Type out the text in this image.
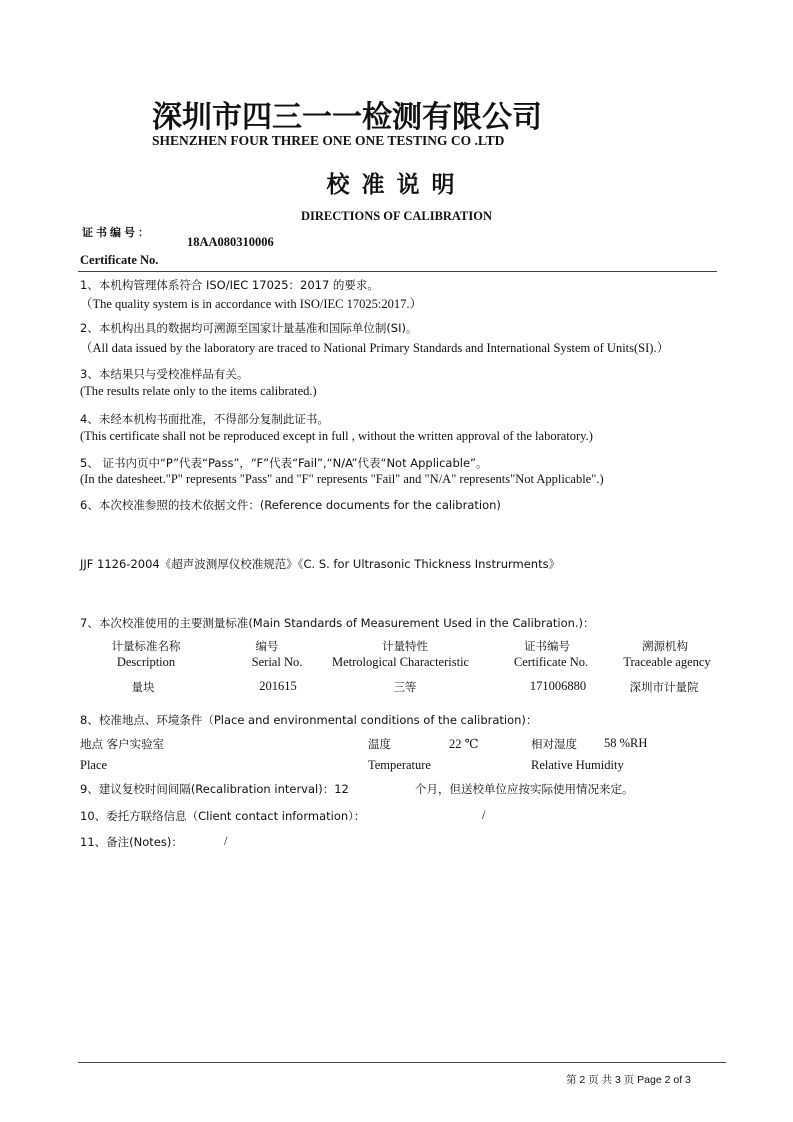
深圳市四三一一检测有限公司
SHENZHEN FOUR THREE ONE ONE TESTING CO .LTD
校准说明
DIRECTIONS OF CALIBRATION
证书编号：
18AA080310006
Certificate No.
1、本机构管理体系符合 ISO/IEC 17025：2017 的要求。
（The quality system is in accordance with ISO/IEC 17025:2017.）
2、本机构出具的数据均可溯源至国家计量基准和国际单位制(SI)。
（All data issued by the laboratory are traced to National Primary Standards and International System of Units(SI).）
3、本结果只与受校准样品有关。
(The results relate only to the items calibrated.)
4、未经本机构书面批准，不得部分复制此证书。
(This certificate shall not be reproduced except in full , without the written approval of the laboratory.)
5、 证书内页中“P”代表“Pass”，“F”代表“Fail”,“N/A”代表“Not Applicable”。
(In the datesheet."P" represents "Pass" and "F" represents "Fail" and "N/A" represents"Not Applicable".)
6、本次校准参照的技术依据文件：(Reference documents for the calibration)
JJF 1126-2004《超声波测厚仪校准规范》《C. S. for Ultrasonic Thickness Instrurments》
7、本次校准使用的主要测量标准(Main Standards of Measurement Used in the Calibration.)：
计量标准名称	编号	计量特性	证书编号	溯源机构
Description	Serial No.	Metrological Characteristic	Certificate No.	Traceable agency
量块	201615	三等	171006880	深圳市计量院
8、校准地点、环境条件（Place and environmental conditions of the calibration)：
地点 客户实验室	温度	22 ℃	相对湿度 58 %RH
Place	Temperature	Relative Humidity
9、建议复校时间间隔(Recalibration interval)：12	个月，但送校单位应按实际使用情况来定。
10、委托方联络信息（Client contact information）：	/
11、备注(Notes)：	/
第 2 页 共 3 页 Page 2 of 3
